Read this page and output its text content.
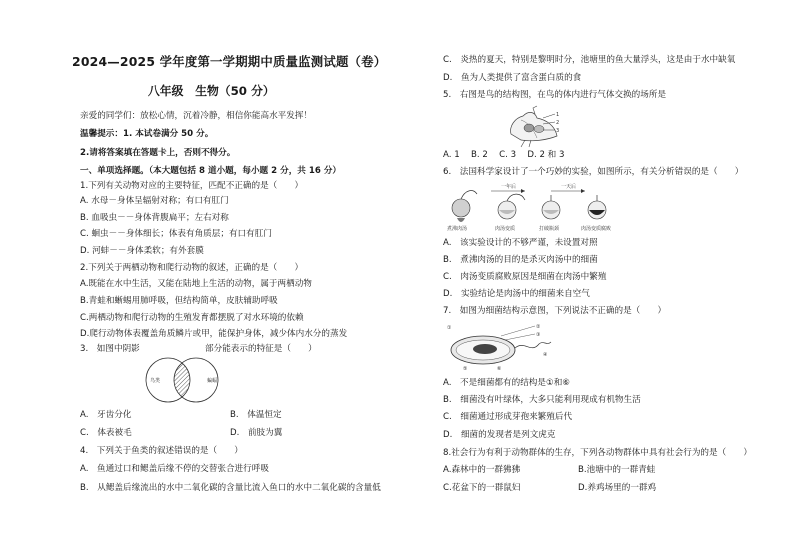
2024—2025 学年度第一学期期中质量监测试题（卷）
八年级　生物（50 分）
亲爱的同学们：放松心情，沉着冷静，相信你能高水平发挥！
温馨提示：1. 本试卷满分 50 分。
2.请将答案填在答题卡上，否则不得分。
一、单项选择题。（本大题包括 8 道小题，每小题 2 分，共 16 分）
1.下列有关动物对应的主要特征，匹配不正确的是（　　）
A. 水母－身体呈辐射对称；有口有肛门
B. 血吸虫－－身体背腹扁平；左右对称
C. 蛔虫－－身体细长；体表有角质层；有口有肛门
D. 河蚌－－身体柔软；有外套膜
2.下列关于两栖动物和爬行动物的叙述，正确的是（　　）
A.既能在水中生活，又能在陆地上生活的动物，属于两栖动物
B.青蛙和蜥蜴用肺呼吸，但结构简单，皮肤辅助呼吸
C.两栖动物和爬行动物的生殖发育都摆脱了对水环境的依赖
D.爬行动物体表覆盖角质鳞片或甲，能保护身体，减少体内水分的蒸发
3.　如图中阴影	部分能表示的特征是（　　）
鸟类	蝙蝠
A.　牙齿分化	B.　体温恒定
C.　体表被毛	D.　前肢为翼
4.　下列关于鱼类的叙述错误的是（　　）
A.　鱼通过口和鳃盖后缘不停的交替张合进行呼吸
B.　从鳃盖后缘流出的水中二氧化碳的含量比流入鱼口的水中二氧化碳的含量低
C.　炎热的夏天，特别是黎明时分，池塘里的鱼大量浮头，这是由于水中缺氧
D.　鱼为人类提供了富含蛋白质的食
5.　右图是鸟的结构图，在鸟的体内进行气体交换的场所是
1
2
3
A. 1　 B. 2　 C. 3　 D. 2 和 3
6.　法国科学家设计了一个巧妙的实验，如图所示，有关分析错误的是（　　）
一年后	一天后
煮沸肉汤	肉汤变质	打破瓶颈	肉汤变质腐败
A.　该实验设计的不够严谨，未设置对照
B.　煮沸肉汤的目的是杀灭肉汤中的细菌
C.　肉汤变质腐败原因是细菌在肉汤中繁殖
D.　实验结论是肉汤中的细菌来自空气
7.　如图为细菌结构示意图，下列说法不正确的是（　　）
①	②
③
④
⑤	⑥
A.　不是细菌都有的结构是①和⑥
B.　细菌没有叶绿体，大多只能利用现成有机物生活
C.　细菌通过形成芽孢来繁殖后代
D.　细菌的发现者是列文虎克
8.社会行为有利于动物群体的生存，下列各动物群体中具有社会行为的是（　　）
A.森林中的一群狒狒	B.池塘中的一群青蛙
C.花盆下的一群鼠妇	D.养鸡场里的一群鸡
